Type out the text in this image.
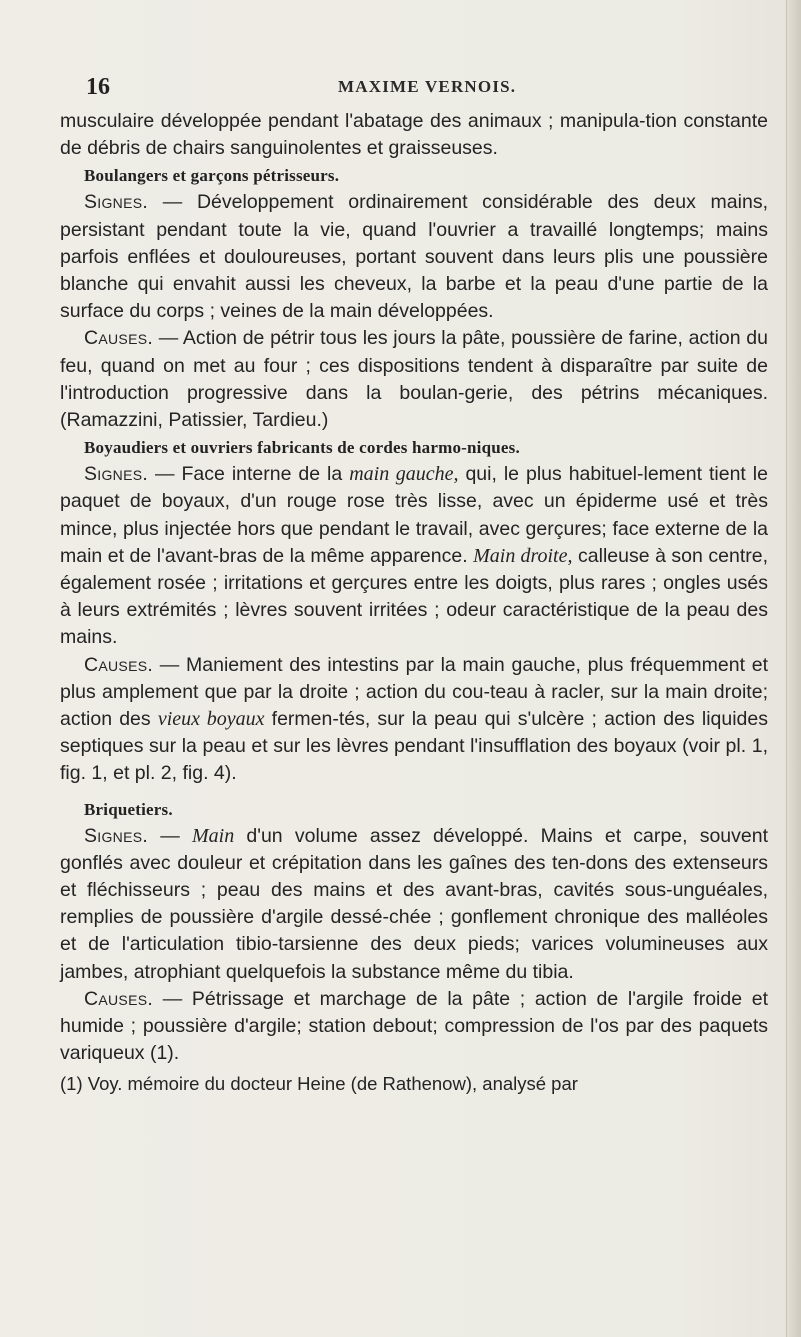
16	MAXIME VERNOIS.

musculaire développée pendant l'abatage des animaux ; manipula-tion constante de débris de chairs sanguinolentes et graisseuses.

Boulangers et garçons pétrisseurs.

Signes. — Développement ordinairement considérable des deux mains, persistant pendant toute la vie, quand l'ouvrier a travaillé longtemps; mains parfois enflées et douloureuses, portant souvent dans leurs plis une poussière blanche qui envahit aussi les cheveux, la barbe et la peau d'une partie de la surface du corps ; veines de la main développées.

Causes. — Action de pétrir tous les jours la pâte, poussière de farine, action du feu, quand on met au four ; ces dispositions tendent à disparaître par suite de l'introduction progressive dans la boulan-gerie, des pétrins mécaniques. (Ramazzini, Patissier, Tardieu.)

Boyaudiers et ouvriers fabricants de cordes harmo-niques.

Signes. — Face interne de la main gauche, qui, le plus habituel-lement tient le paquet de boyaux, d'un rouge rose très lisse, avec un épiderme usé et très mince, plus injectée hors que pendant le travail, avec gerçures; face externe de la main et de l'avant-bras de la même apparence. Main droite, calleuse à son centre, également rosée ; irritations et gerçures entre les doigts, plus rares ; ongles usés à leurs extrémités ; lèvres souvent irritées ; odeur caractéristique de la peau des mains.

Causes. — Maniement des intestins par la main gauche, plus fréquemment et plus amplement que par la droite ; action du cou-teau à racler, sur la main droite; action des vieux boyaux fermen-tés, sur la peau qui s'ulcère ; action des liquides septiques sur la peau et sur les lèvres pendant l'insufflation des boyaux (voir pl. 1, fig. 1, et pl. 2, fig. 4).

Briquetiers.

Signes. — Main d'un volume assez développé. Mains et carpe, souvent gonflés avec douleur et crépitation dans les gaînes des ten-dons des extenseurs et fléchisseurs ; peau des mains et des avant-bras, cavités sous-unguéales, remplies de poussière d'argile dessé-chée ; gonflement chronique des malléoles et de l'articulation tibio-tarsienne des deux pieds; varices volumineuses aux jambes, atrophiant quelquefois la substance même du tibia.

Causes. — Pétrissage et marchage de la pâte ; action de l'argile froide et humide ; poussière d'argile; station debout; compression de l'os par des paquets variqueux (1).

(1) Voy. mémoire du docteur Heine (de Rathenow), analysé par
